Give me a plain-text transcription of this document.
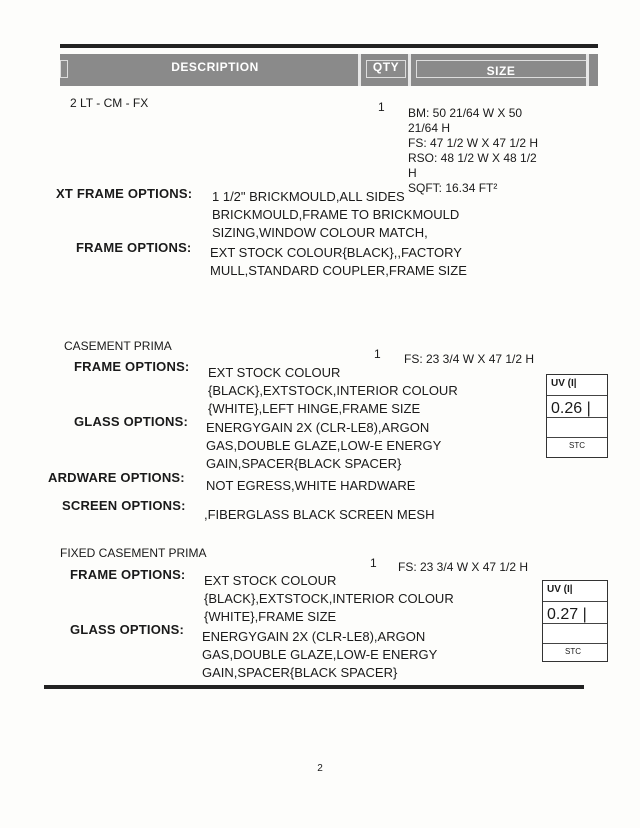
DESCRIPTION	QTY	SIZE
2 LT - CM - FX	1 BM: 50 21/64 W X 50
21/64 H
FS: 47 1/2 W X 47 1/2 H
RSO: 48 1/2 W X 48 1/2
H
SQFT: 16.34 FT²
XT FRAME OPTIONS: 1 1/2" BRICKMOULD,ALL SIDES BRICKMOULD,FRAME TO BRICKMOULD SIZING,WINDOW COLOUR MATCH,
FRAME OPTIONS: EXT STOCK COLOUR{BLACK},,FACTORY MULL,STANDARD COUPLER,FRAME SIZE
CASEMENT PRIMA
1 FS: 23 3/4 W X 47 1/2 H
FRAME OPTIONS: EXT STOCK COLOUR {BLACK},EXTSTOCK,INTERIOR COLOUR {WHITE},LEFT HINGE,FRAME SIZE
GLASS OPTIONS: ENERGYGAIN 2X (CLR-LE8),ARGON GAS,DOUBLE GLAZE,LOW-E ENERGY GAIN,SPACER{BLACK SPACER}
ARDWARE OPTIONS:
NOT EGRESS,WHITE HARDWARE
SCREEN OPTIONS:
,FIBERGLASS BLACK SCREEN MESH
UV (I|
0.26 |
STC
FIXED CASEMENT PRIMA
1 FS: 23 3/4 W X 47 1/2 H
FRAME OPTIONS: EXT STOCK COLOUR {BLACK},EXTSTOCK,INTERIOR COLOUR {WHITE},FRAME SIZE
GLASS OPTIONS: ENERGYGAIN 2X (CLR-LE8),ARGON GAS,DOUBLE GLAZE,LOW-E ENERGY GAIN,SPACER{BLACK SPACER}
UV (I|
0.27 |
STC
2
